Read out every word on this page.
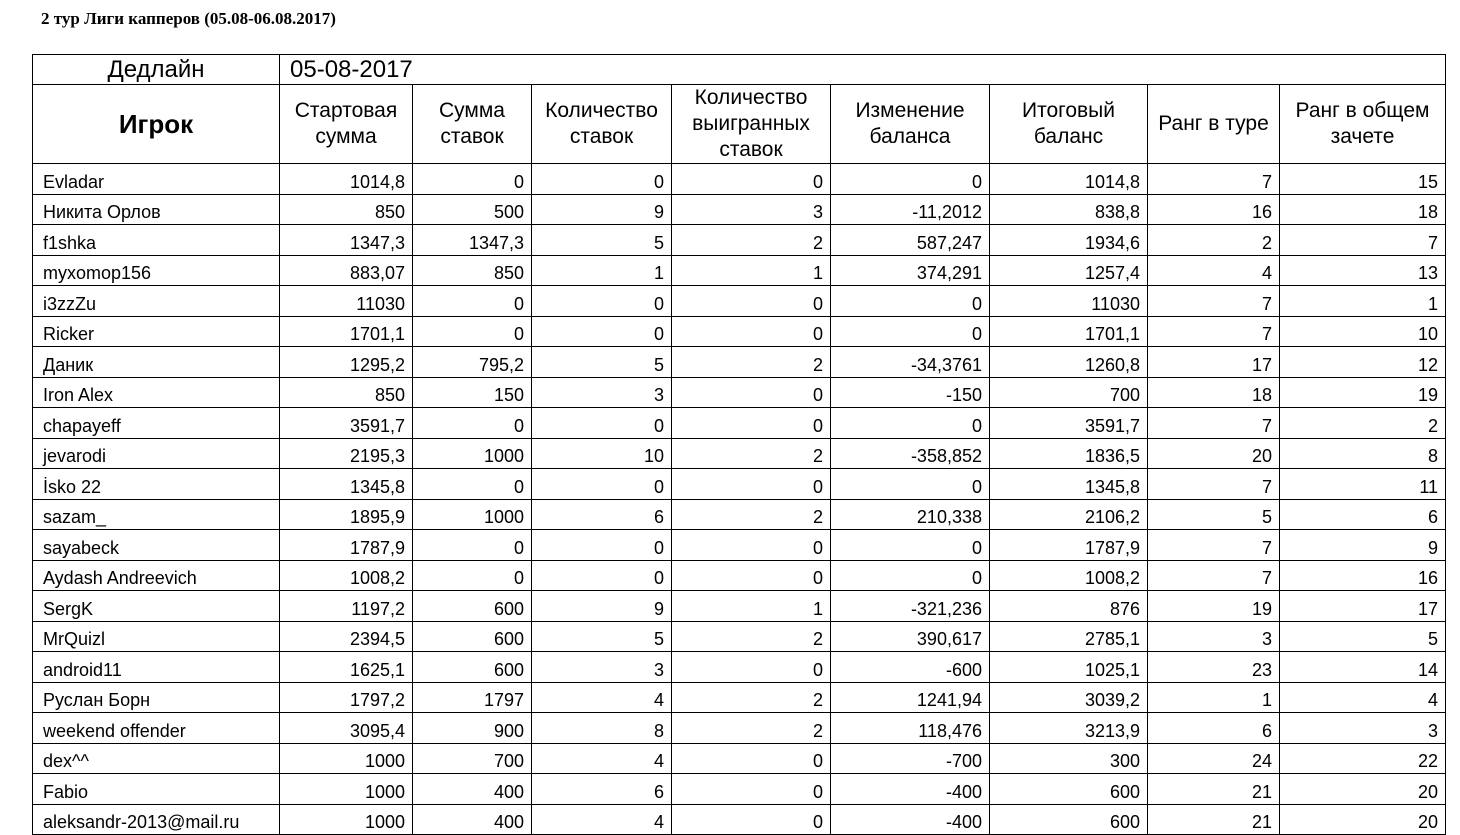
2 тур Лиги капперов (05.08-06.08.2017)
Дедлайн	05-08-2017							
Игрок	Стартовая сумма	Сумма ставок	Количество ставок	Количество выигранных ставок	Изменение баланса	Итоговый баланс	Ранг в туре	Ранг в общем зачете
Evladar	1014,8	0	0	0	0	1014,8	7	15
Никита Орлов	850	500	9	3	-11,2012	838,8	16	18
f1shka	1347,3	1347,3	5	2	587,247	1934,6	2	7
myxomop156	883,07	850	1	1	374,291	1257,4	4	13
i3zzZu	11030	0	0	0	0	11030	7	1
Ricker	1701,1	0	0	0	0	1701,1	7	10
Даник	1295,2	795,2	5	2	-34,3761	1260,8	17	12
Iron Alex	850	150	3	0	-150	700	18	19
chapayeff	3591,7	0	0	0	0	3591,7	7	2
jevarodi	2195,3	1000	10	2	-358,852	1836,5	20	8
İsko 22	1345,8	0	0	0	0	1345,8	7	11
sazam_	1895,9	1000	6	2	210,338	2106,2	5	6
sayabeck	1787,9	0	0	0	0	1787,9	7	9
Aydash Andreevich	1008,2	0	0	0	0	1008,2	7	16
SergK	1197,2	600	9	1	-321,236	876	19	17
MrQuizl	2394,5	600	5	2	390,617	2785,1	3	5
android11	1625,1	600	3	0	-600	1025,1	23	14
Руслан Борн	1797,2	1797	4	2	1241,94	3039,2	1	4
weekend offender	3095,4	900	8	2	118,476	3213,9	6	3
dex^^	1000	700	4	0	-700	300	24	22
Fabio	1000	400	6	0	-400	600	21	20
aleksandr-2013@mail.ru	1000	400	4	0	-400	600	21	20
